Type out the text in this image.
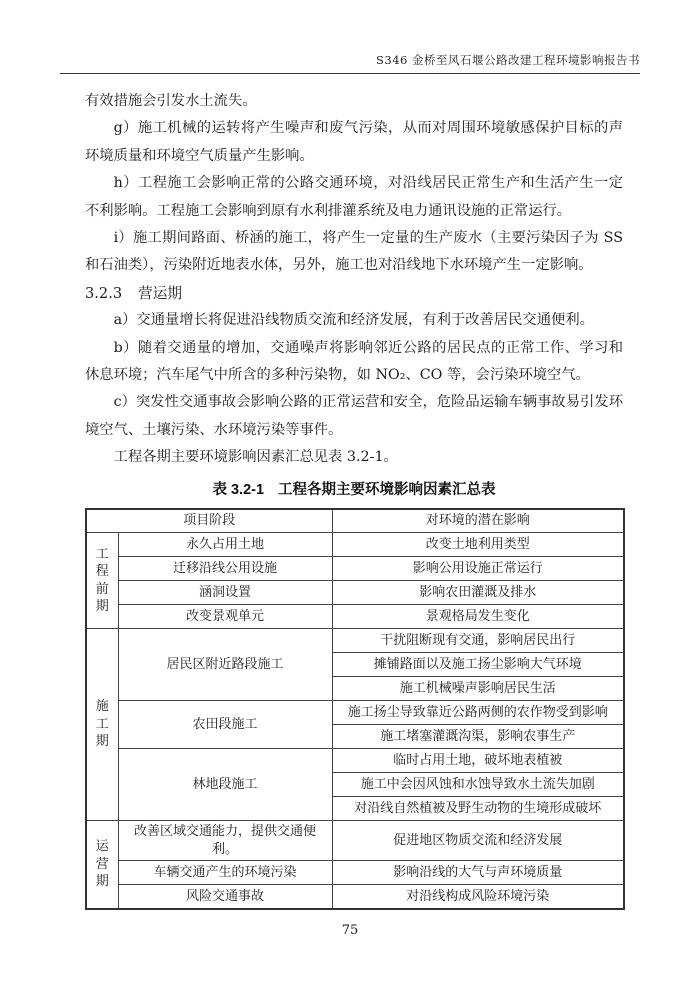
S346 金桥至风石堰公路改建工程环境影响报告书

有效措施会引发水土流失。

g）施工机械的运转将产生噪声和废气污染，从而对周围环境敏感保护目标的声环境质量和环境空气质量产生影响。

h）工程施工会影响正常的公路交通环境，对沿线居民正常生产和生活产生一定不利影响。工程施工会影响到原有水利排灌系统及电力通讯设施的正常运行。

i）施工期间路面、桥涵的施工，将产生一定量的生产废水（主要污染因子为 SS 和石油类），污染附近地表水体，另外，施工也对沿线地下水环境产生一定影响。

3.2.3 营运期

a）交通量增长将促进沿线物质交流和经济发展，有利于改善居民交通便利。

b）随着交通量的增加，交通噪声将影响邻近公路的居民点的正常工作、学习和休息环境；汽车尾气中所含的多种污染物，如 NO₂、CO 等，会污染环境空气。

c）突发性交通事故会影响公路的正常运营和安全，危险品运输车辆事故易引发环境空气、土壤污染、水环境污染等事件。

工程各期主要环境影响因素汇总见表 3.2-1。

表 3.2-1 工程各期主要环境影响因素汇总表
项目阶段		对环境的潜在影响
工程前期	永久占用土地	改变土地利用类型
	迁移沿线公用设施	影响公用设施正常运行
	涵洞设置	影响农田灌溉及排水
	改变景观单元	景观格局发生变化
施工期	居民区附近路段施工	干扰阻断现有交通，影响居民出行
		摊铺路面以及施工扬尘影响大气环境
		施工机械噪声影响居民生活
	农田段施工	施工扬尘导致靠近公路两侧的农作物受到影响
		施工堵塞灌溉沟渠，影响农事生产
	林地段施工	临时占用土地，破坏地表植被
		施工中会因风蚀和水蚀导致水土流失加剧
		对沿线自然植被及野生动物的生境形成破坏
运营期	改善区域交通能力，提供交通便利。	促进地区物质交流和经济发展
	车辆交通产生的环境污染	影响沿线的大气与声环境质量
	风险交通事故	对沿线构成风险环境污染
75
